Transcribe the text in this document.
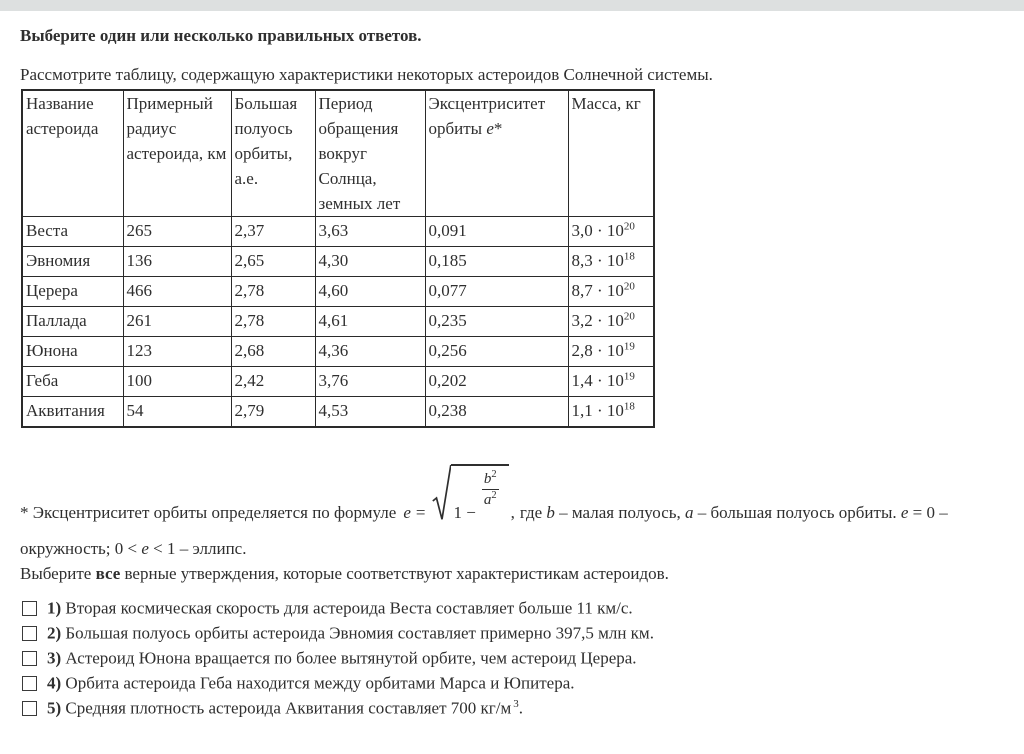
Выберите один или несколько правильных ответов.
Рассмотрите таблицу, содержащую характеристики некоторых астероидов Солнечной системы.
Название астероида	Примерный радиус астероида, км	Большая полуось орбиты, а.е.	Период обращения вокруг Солнца, земных лет	Эксцентриситет орбиты e*	Масса, кг
Веста	265	2,37	3,63	0,091	$3,0 \cdot 10^{20}$
Эвномия	136	2,65	4,30	0,185	$8,3 \cdot 10^{18}$
Церера	466	2,78	4,60	0,077	$8,7 \cdot 10^{20}$
Паллада	261	2,78	4,61	0,235	$3,2 \cdot 10^{20}$
Юнона	123	2,68	4,36	0,256	$2,8 \cdot 10^{19}$
Геба	100	2,42	3,76	0,202	$1,4 \cdot 10^{19}$
Аквитания	54	2,79	4,53	0,238	$1,1 \cdot 10^{18}$
* Эксцентриситет орбиты определяется по формуле e = 1 −
$\frac{b^2}{a^2}$
, где b – малая полуось, a – большая полуось орбиты. e = 0 –
окружность; 0 < e < 1 – эллипс.
Выберите все верные утверждения, которые соответствуют характеристикам астероидов.
1) Вторая космическая скорость для астероида Веста составляет больше 11 км/с.
2) Большая полуось орбиты астероида Эвномия составляет примерно 397,5 млн км.
3) Астероид Юнона вращается по более вытянутой орбите, чем астероид Церера.
4) Орбита астероида Геба находится между орбитами Марса и Юпитера.
5) Средняя плотность астероида Аквитания составляет 700 кг/м $^3$.
